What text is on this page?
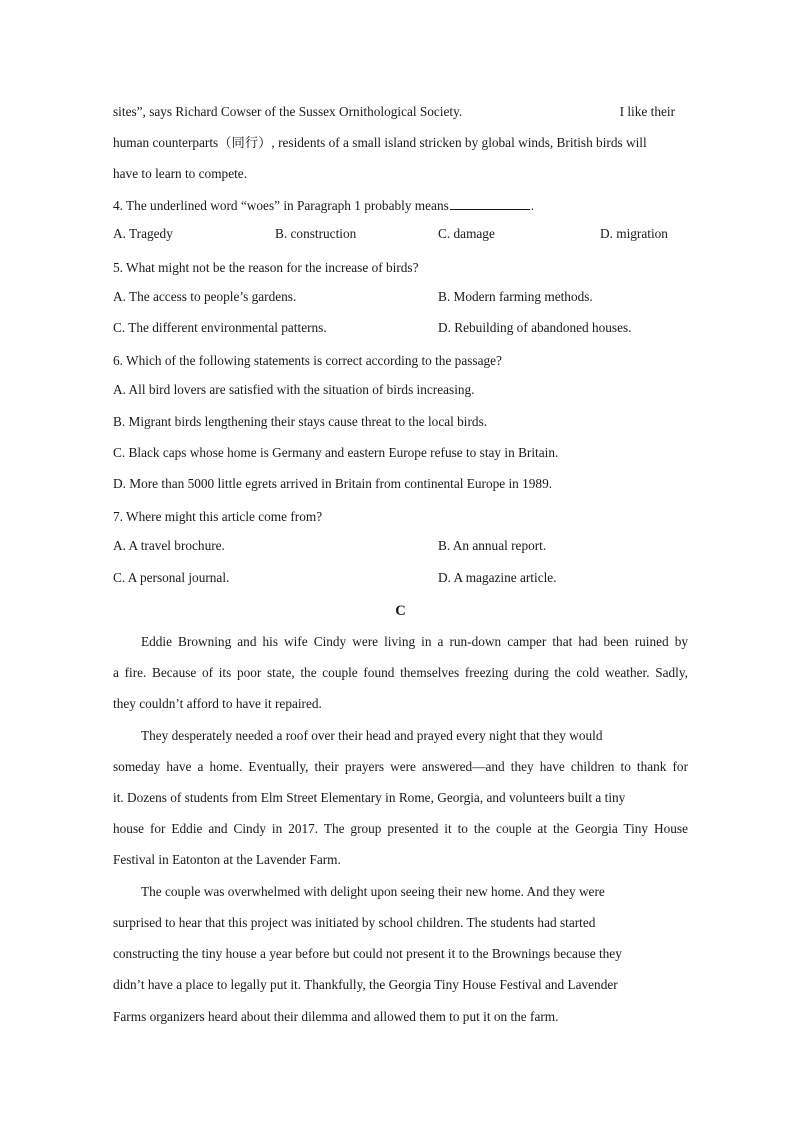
sites”, says Richard Cowser of the Sussex Ornithological Society.	I like their
human counterparts（同行）, residents of a small island stricken by global winds, British birds will
have to learn to compete.
4. The underlined word “woes” in Paragraph 1 probably means	.
A. Tragedy	B. construction	C. damage	D. migration
5. What might not be the reason for the increase of birds?
A. The access to people’s gardens.	B. Modern farming methods.
C. The different environmental patterns.	D. Rebuilding of abandoned houses.
6. Which of the following statements is correct according to the passage?
A. All bird lovers are satisfied with the situation of birds increasing.
B. Migrant birds lengthening their stays cause threat to the local birds.
C. Black caps whose home is Germany and eastern Europe refuse to stay in Britain.
D. More than 5000 little egrets arrived in Britain from continental Europe in 1989.
7. Where might this article come from?
A. A travel brochure.	B. An annual report.
C. A personal journal.	D. A magazine article.
C
Eddie Browning and his wife Cindy were living in a run-down camper that had been ruined by
a fire. Because of its poor state, the couple found themselves freezing during the cold weather. Sadly,
they couldn’t afford to have it repaired.
They desperately needed a roof over their head and prayed every night that they would
someday have a home. Eventually, their prayers were answered—and they have children to thank for
it. Dozens of students from Elm Street Elementary in Rome, Georgia, and volunteers built a tiny
house for Eddie and Cindy in 2017. The group presented it to the couple at the Georgia Tiny House
Festival in Eatonton at the Lavender Farm.
The couple was overwhelmed with delight upon seeing their new home. And they were
surprised to hear that this project was initiated by school children. The students had started
constructing the tiny house a year before but could not present it to the Brownings because they
didn’t have a place to legally put it. Thankfully, the Georgia Tiny House Festival and Lavender
Farms organizers heard about their dilemma and allowed them to put it on the farm.
